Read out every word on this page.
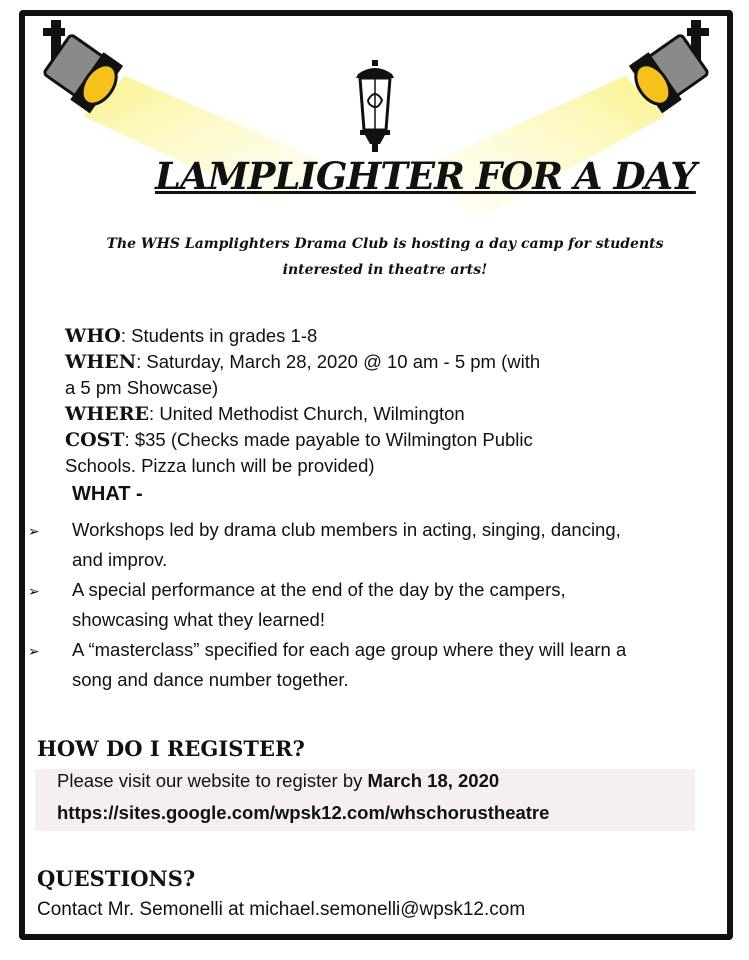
LAMPLIGHTER FOR A DAY
The WHS Lamplighters Drama Club is hosting a day camp for students
interested in theatre arts!
WHO: Students in grades 1-8
WHEN: Saturday, March 28, 2020 @ 10 am - 5 pm (with
a 5 pm Showcase)
WHERE: United Methodist Church, Wilmington
COST: $35 (Checks made payable to Wilmington Public
Schools. Pizza lunch will be provided)
WHAT -
➢ Workshops led by drama club members in acting, singing, dancing,
and improv.
➢ A special performance at the end of the day by the campers,
showcasing what they learned!
➢ A “masterclass” specified for each age group where they will learn a
song and dance number together.
HOW DO I REGISTER?
Please visit our website to register by March 18, 2020
https://sites.google.com/wpsk12.com/whschorustheatre
QUESTIONS?
Contact Mr. Semonelli at michael.semonelli@wpsk12.com
